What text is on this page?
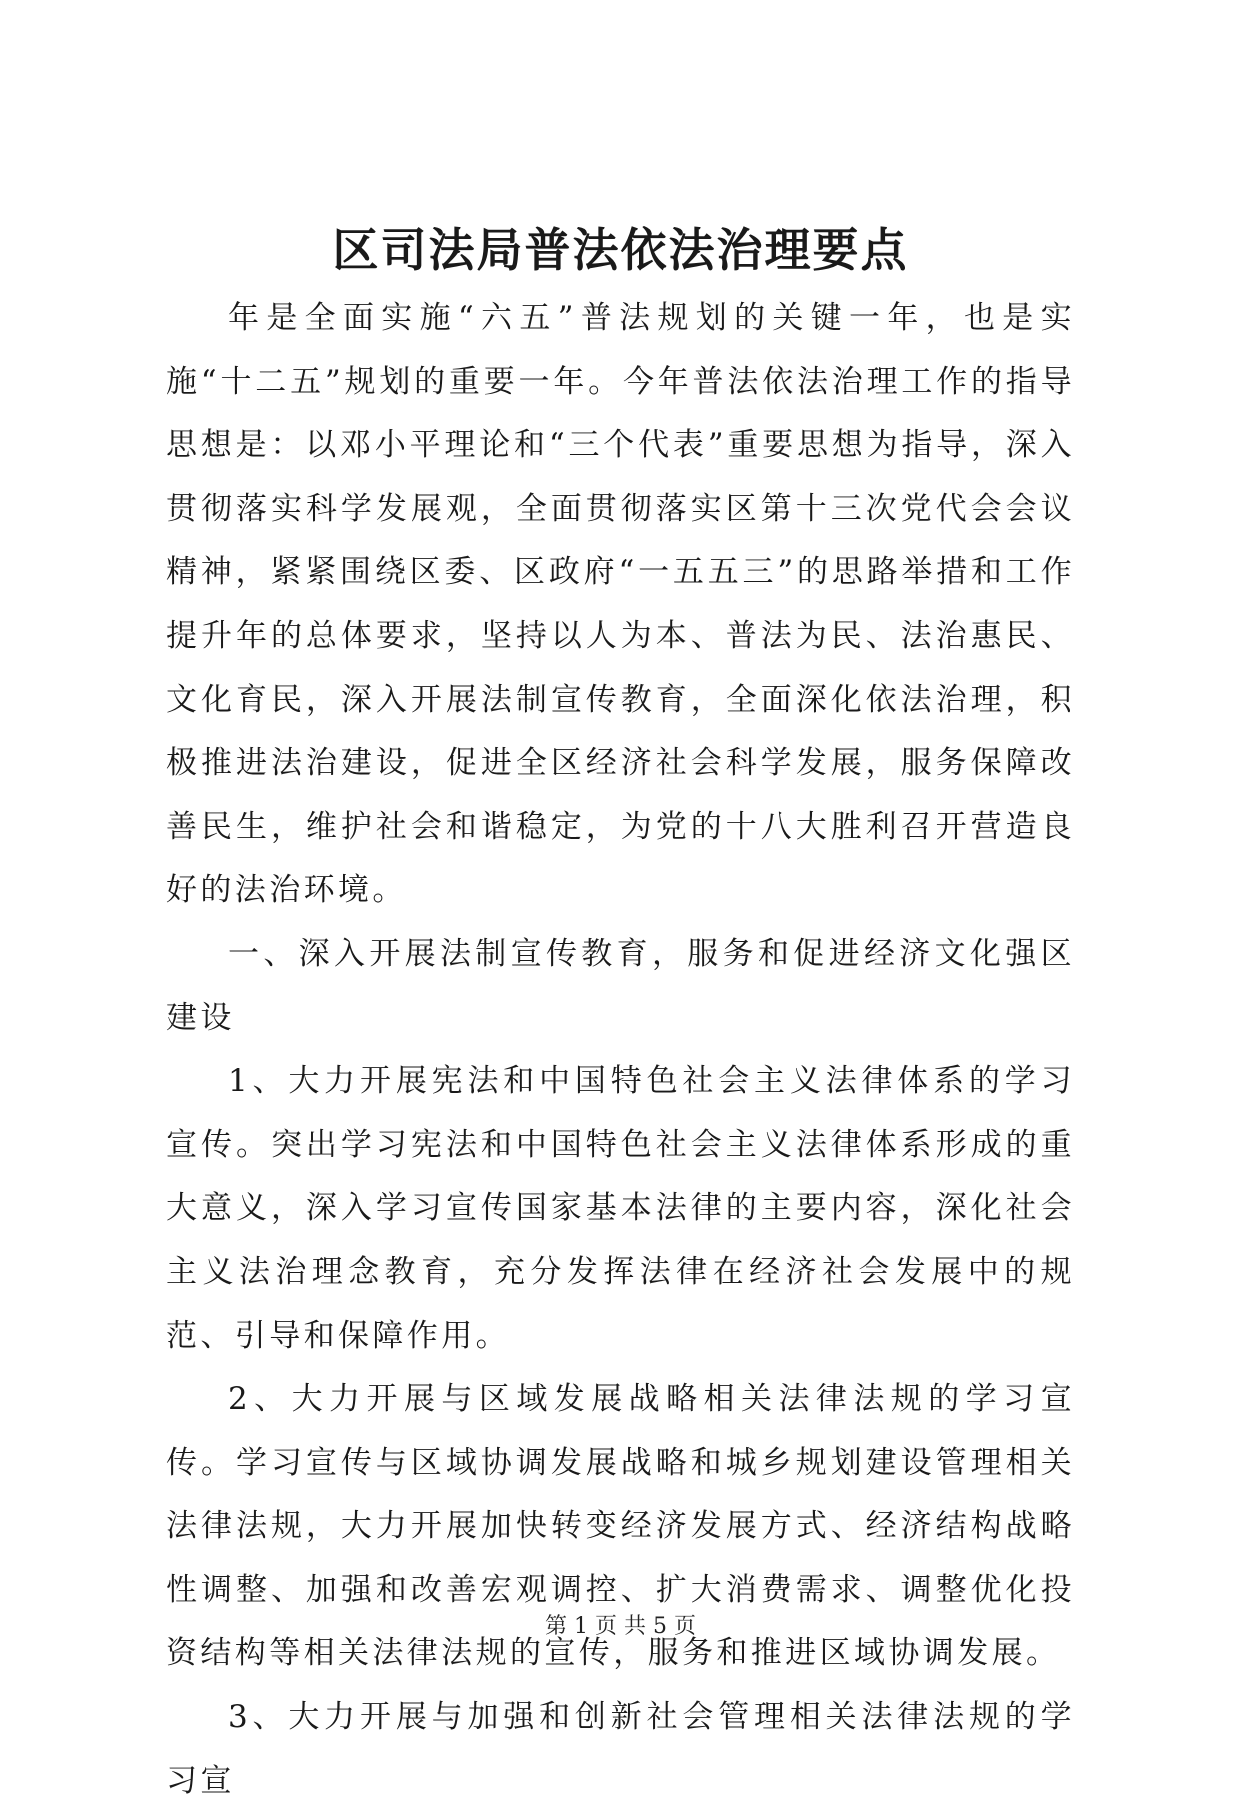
区司法局普法依法治理要点

年是全面实施“六五”普法规划的关键一年，也是实施“十二五”规划的重要一年。今年普法依法治理工作的指导思想是：以邓小平理论和“三个代表”重要思想为指导，深入贯彻落实科学发展观，全面贯彻落实区第十三次党代会会议精神，紧紧围绕区委、区政府“一五五三”的思路举措和工作提升年的总体要求，坚持以人为本、普法为民、法治惠民、文化育民，深入开展法制宣传教育，全面深化依法治理，积极推进法治建设，促进全区经济社会科学发展，服务保障改善民生，维护社会和谐稳定，为党的十八大胜利召开营造良好的法治环境。

一、深入开展法制宣传教育，服务和促进经济文化强区建设

1、大力开展宪法和中国特色社会主义法律体系的学习宣传。突出学习宪法和中国特色社会主义法律体系形成的重大意义，深入学习宣传国家基本法律的主要内容，深化社会主义法治理念教育，充分发挥法律在经济社会发展中的规范、引导和保障作用。

2、大力开展与区域发展战略相关法律法规的学习宣传。学习宣传与区域协调发展战略和城乡规划建设管理相关法律法规，大力开展加快转变经济发展方式、经济结构战略性调整、加强和改善宏观调控、扩大消费需求、调整优化投资结构等相关法律法规的宣传，服务和推进区域协调发展。

3、大力开展与加强和创新社会管理相关法律法规的学习宣

第 1 页 共 5 页
